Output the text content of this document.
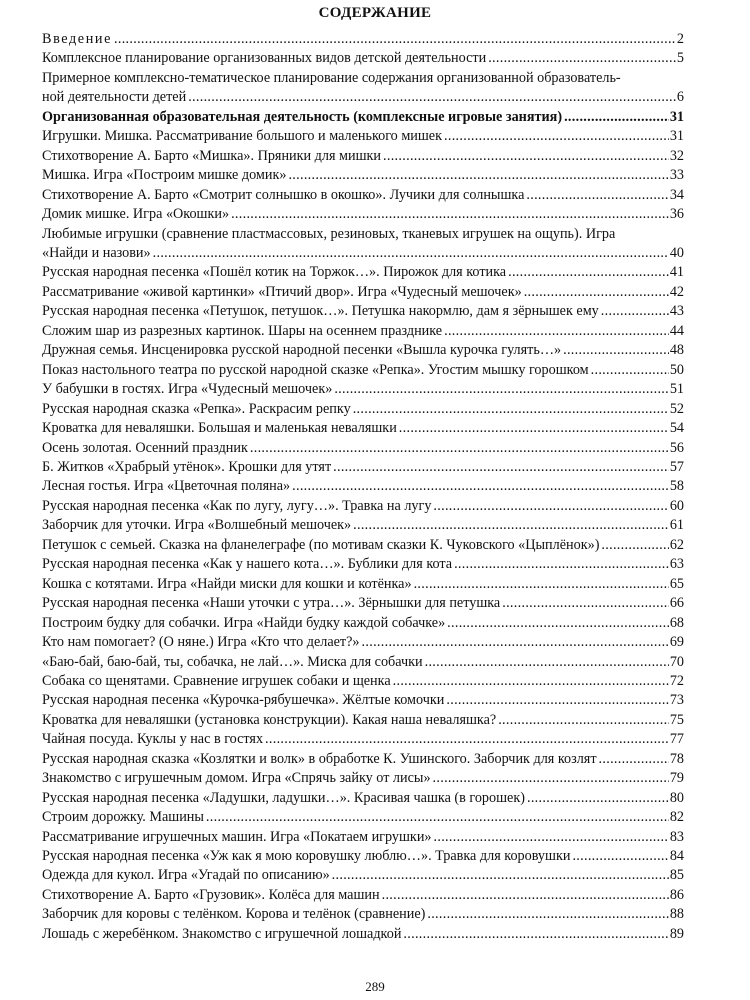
СОДЕРЖАНИЕ
Введение .....	2
Комплексное планирование организованных видов детской деятельности .....	5
Примерное комплексно-тематическое планирование содержания организованной образователь-
ной деятельности детей .....	6
Организованная образовательная деятельность (комплексные игровые занятия) .....	31
Игрушки. Мишка. Рассматривание большого и маленького мишек .....	31
Стихотворение А. Барто «Мишка». Пряники для мишки .....	32
Мишка. Игра «Построим мишке домик» .....	33
Стихотворение А. Барто «Смотрит солнышко в окошко». Лучики для солнышка .....	34
Домик мишке. Игра «Окошки» .....	36
Любимые игрушки (сравнение пластмассовых, резиновых, тканевых игрушек на ощупь). Игра
«Найди и назови» .....	40
Русская народная песенка «Пошёл котик на Торжок…». Пирожок для котика .....	41
Рассматривание «живой картинки» «Птичий двор». Игра «Чудесный мешочек» .....	42
Русская народная песенка «Петушок, петушок…». Петушка накормлю, дам я зёрнышек ему .....	43
Сложим шар из разрезных картинок. Шары на осеннем празднике .....	44
Дружная семья. Инсценировка русской народной песенки «Вышла курочка гулять…» .....	48
Показ настольного театра по русской народной сказке «Репка». Угостим мышку горошком .....	50
У бабушки в гостях. Игра «Чудесный мешочек» .....	51
Русская народная сказка «Репка». Раскрасим репку .....	52
Кроватка для неваляшки. Большая и маленькая неваляшки .....	54
Осень золотая. Осенний праздник .....	56
Б. Житков «Храбрый утёнок». Крошки для утят .....	57
Лесная гостья. Игра «Цветочная поляна» .....	58
Русская народная песенка «Как по лугу, лугу…». Травка на лугу .....	60
Заборчик для уточки. Игра «Волшебный мешочек» .....	61
Петушок с семьей. Сказка на фланелеграфе (по мотивам сказки К. Чуковского «Цыплёнок») .....	62
Русская народная песенка «Как у нашего кота…». Бублики для кота .....	63
Кошка с котятами. Игра «Найди миски для кошки и котёнка» .....	65
Русская народная песенка «Наши уточки с утра…». Зёрнышки для петушка .....	66
Построим будку для собачки. Игра «Найди будку каждой собачке» .....	68
Кто нам помогает? (О няне.) Игра «Кто что делает?» .....	69
«Баю-бай, баю-бай, ты, собачка, не лай…». Миска для собачки .....	70
Собака со щенятами. Сравнение игрушек собаки и щенка .....	72
Русская народная песенка «Курочка-рябушечка». Жёлтые комочки .....	73
Кроватка для неваляшки (установка конструкции). Какая наша неваляшка? .....	75
Чайная посуда. Куклы у нас в гостях .....	77
Русская народная сказка «Козлятки и волк» в обработке К. Ушинского. Заборчик для козлят .....	78
Знакомство с игрушечным домом. Игра «Спрячь зайку от лисы» .....	79
Русская народная песенка «Ладушки, ладушки…». Красивая чашка (в горошек) .....	80
Строим дорожку. Машины .....	82
Рассматривание игрушечных машин. Игра «Покатаем игрушки» .....	83
Русская народная песенка «Уж как я мою коровушку люблю…». Травка для коровушки .....	84
Одежда для кукол. Игра «Угадай по описанию» .....	85
Стихотворение А. Барто «Грузовик». Колёса для машин .....	86
Заборчик для коровы с телёнком. Корова и телёнок (сравнение) .....	88
Лошадь с жеребёнком. Знакомство с игрушечной лошадкой .....	89
289
